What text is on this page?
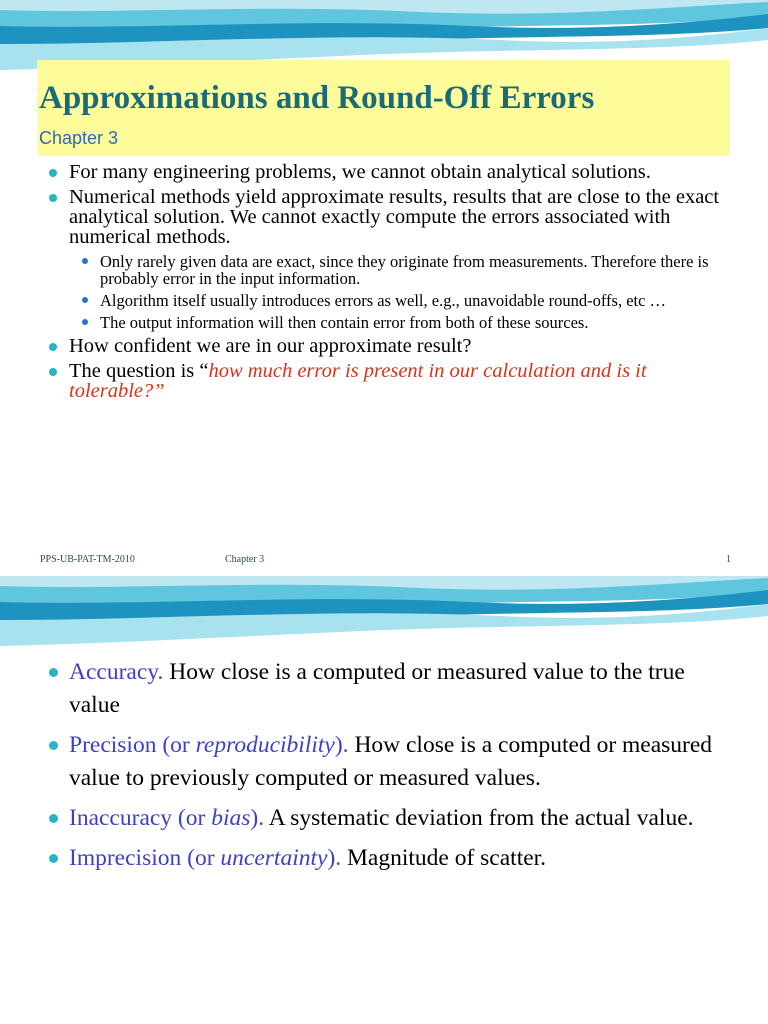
Approximations and Round-Off Errors
Chapter 3
For many engineering problems, we cannot obtain analytical solutions.
Numerical methods yield approximate results, results that are close to the exact analytical solution. We cannot exactly compute the errors associated with numerical methods.
Only rarely given data are exact, since they originate from measurements. Therefore there is probably error in the input information.
Algorithm itself usually introduces errors as well, e.g., unavoidable round-offs, etc …
The output information will then contain error from both of these sources.
How confident we are in our approximate result?
The question is “how much error is present in our calculation and is it tolerable?”
PPS-UB-PAT-TM-2010	Chapter 3	1
Accuracy. How close is a computed or measured value to the true value
Precision (or reproducibility). How close is a computed or measured value to previously computed or measured values.
Inaccuracy (or bias). A systematic deviation from the actual value.
Imprecision (or uncertainty). Magnitude of scatter.
